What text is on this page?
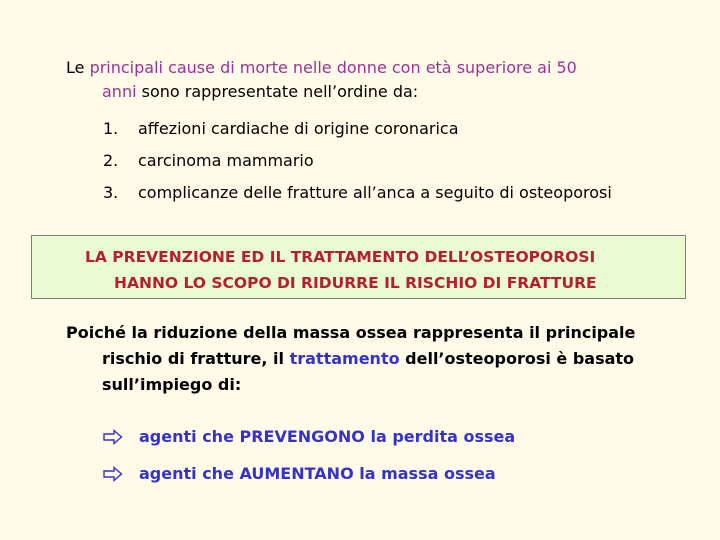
Le principali cause di morte nelle donne con età superiore ai 50
anni sono rappresentate nell’ordine da:
1.	affezioni cardiache di origine coronarica
2.	carcinoma mammario
3.	complicanze delle fratture all’anca a seguito di osteoporosi
LA PREVENZIONE ED IL TRATTAMENTO DELL’OSTEOPOROSI
HANNO LO SCOPO DI RIDURRE IL RISCHIO DI FRATTURE
Poiché la riduzione della massa ossea rappresenta il principale
rischio di fratture, il trattamento dell’osteoporosi è basato
sull’impiego di:
agenti che PREVENGONO la perdita ossea
agenti che AUMENTANO la massa ossea
